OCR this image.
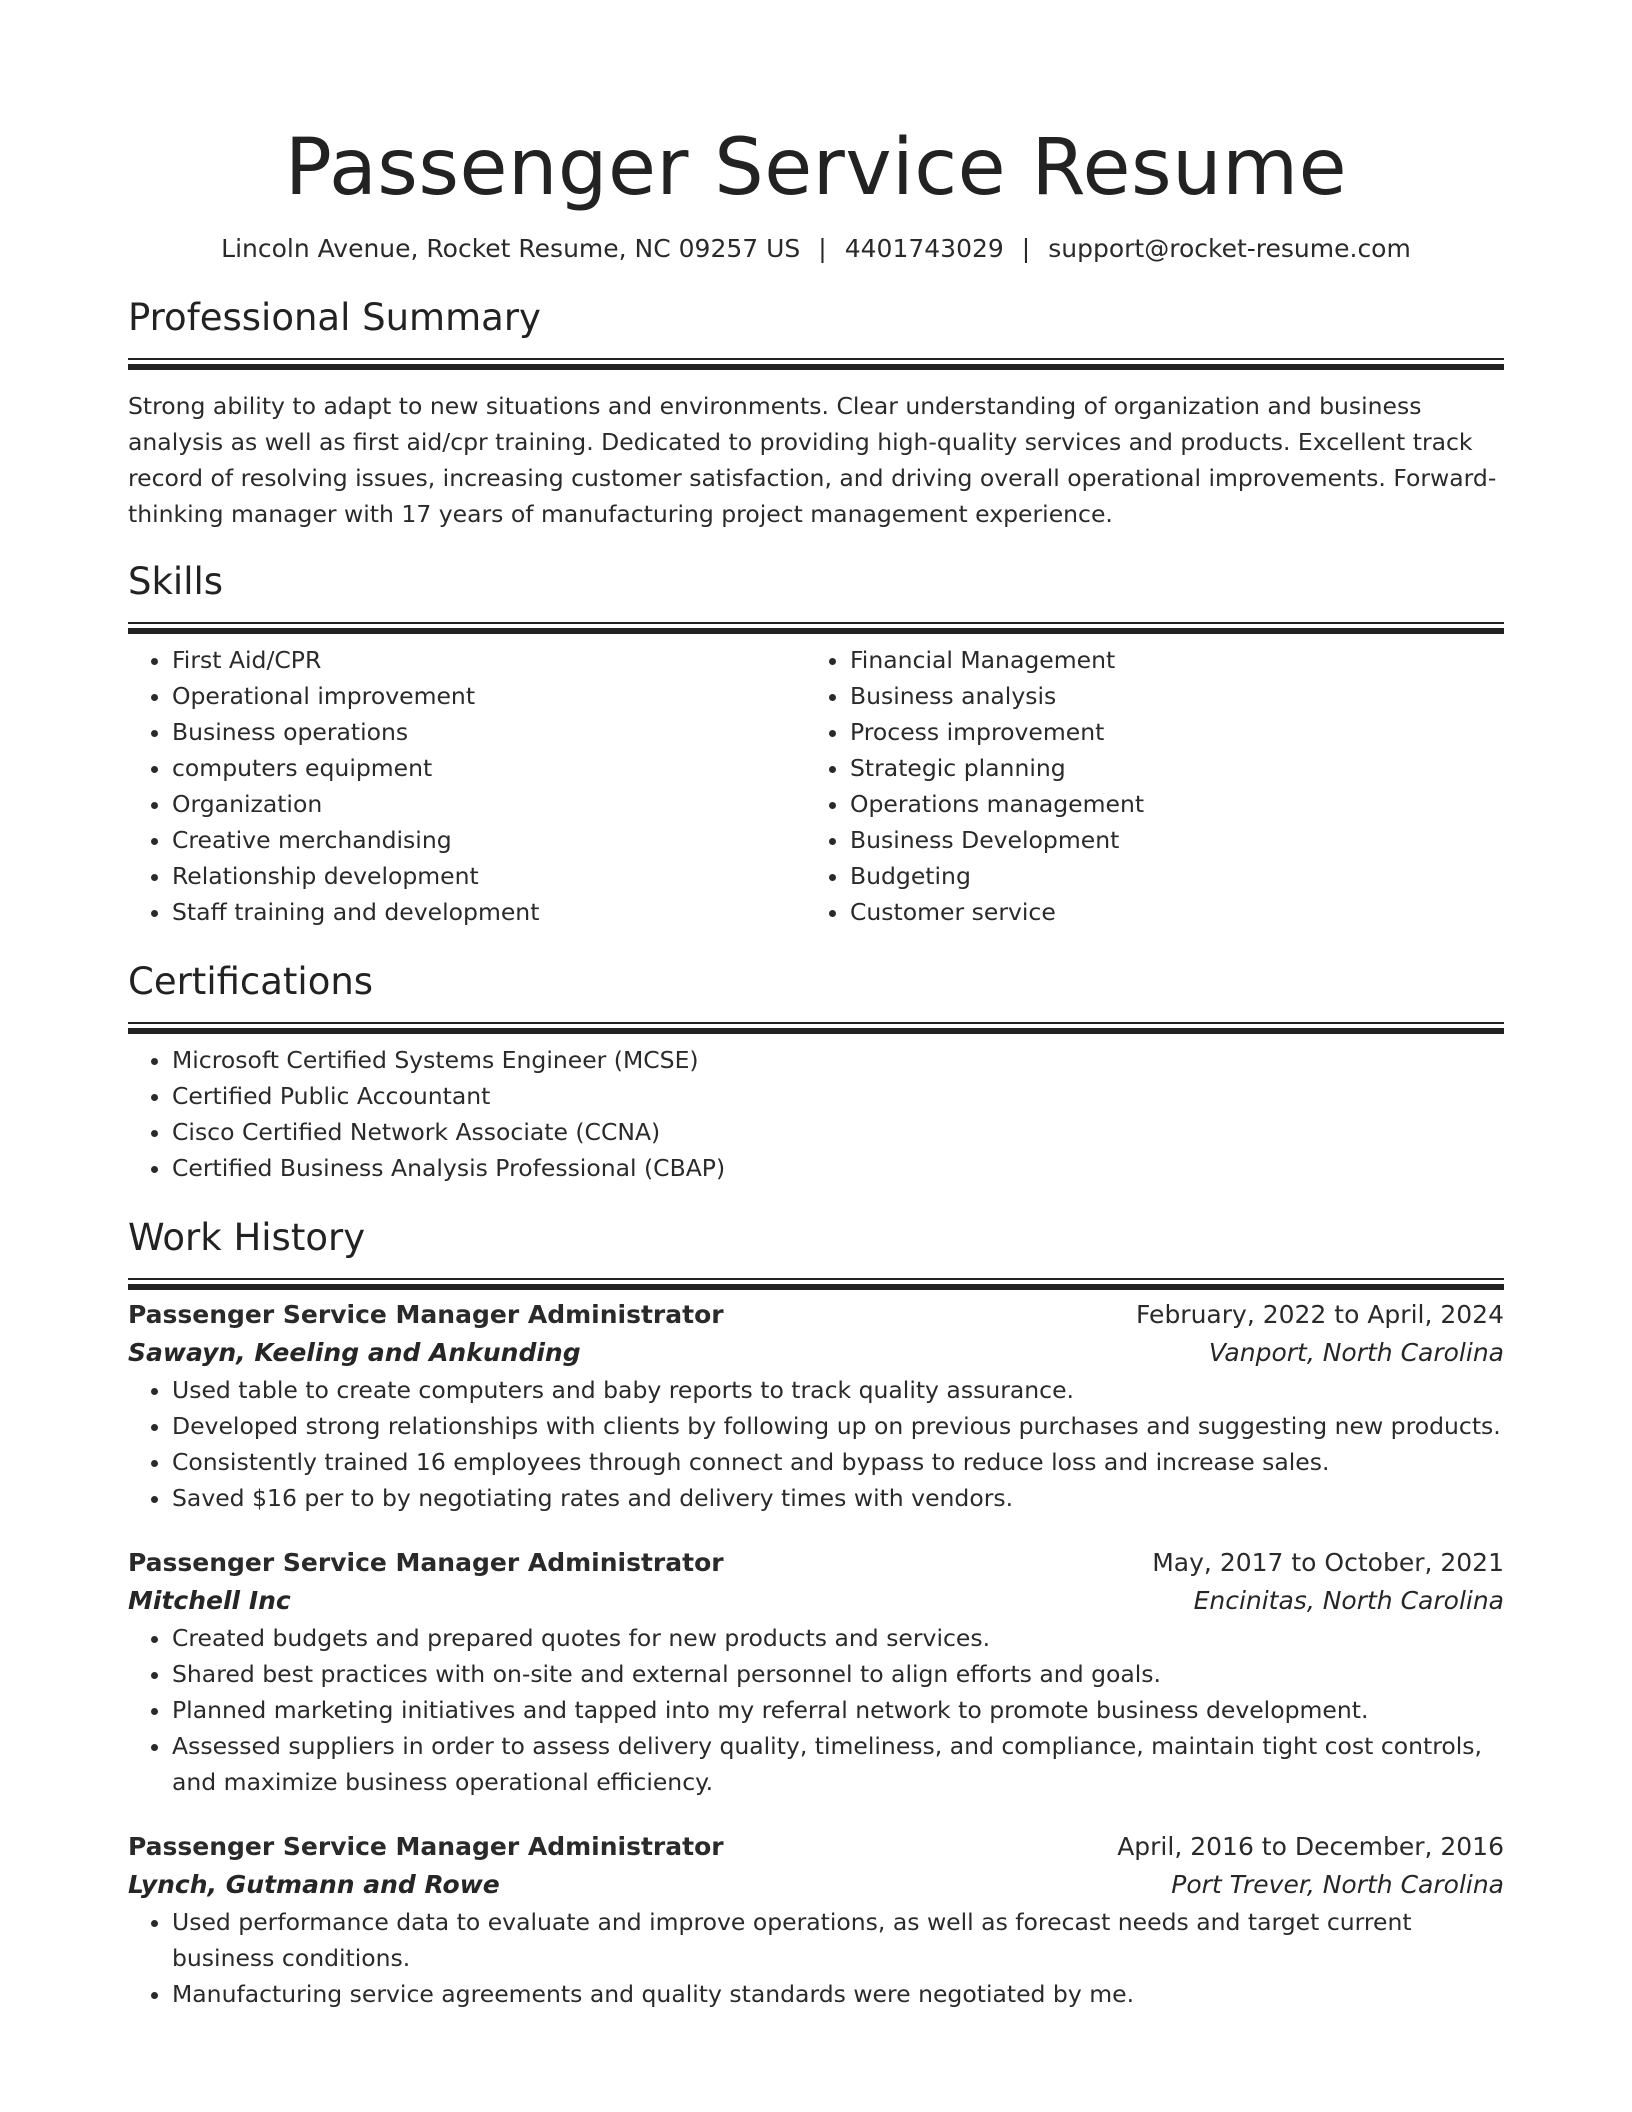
Passenger Service Resume
Lincoln Avenue, Rocket Resume, NC 09257 US | 4401743029 | support@rocket-resume.com
Professional Summary

Strong ability to adapt to new situations and environments. Clear understanding of organization and business analysis as well as first aid/cpr training. Dedicated to providing high-quality services and products. Excellent track record of resolving issues, increasing customer satisfaction, and driving overall operational improvements. Forward-thinking manager with 17 years of manufacturing project management experience.

Skills
• First Aid/CPR
• Operational improvement
• Business operations
• computers equipment
• Organization
• Creative merchandising
• Relationship development
• Staff training and development
• Financial Management
• Business analysis
• Process improvement
• Strategic planning
• Operations management
• Business Development
• Budgeting
• Customer service
Certifications
• Microsoft Certified Systems Engineer (MCSE)
• Certified Public Accountant
• Cisco Certified Network Associate (CCNA)
• Certified Business Analysis Professional (CBAP)
Work History
Passenger Service Manager Administrator	February, 2022 to April, 2024
Sawayn, Keeling and Ankunding	Vanport, North Carolina
• Used table to create computers and baby reports to track quality assurance.
• Developed strong relationships with clients by following up on previous purchases and suggesting new products.
• Consistently trained 16 employees through connect and bypass to reduce loss and increase sales.
• Saved $16 per to by negotiating rates and delivery times with vendors.
Passenger Service Manager Administrator	May, 2017 to October, 2021
Mitchell Inc	Encinitas, North Carolina
• Created budgets and prepared quotes for new products and services.
• Shared best practices with on-site and external personnel to align efforts and goals.
• Planned marketing initiatives and tapped into my referral network to promote business development.
• Assessed suppliers in order to assess delivery quality, timeliness, and compliance, maintain tight cost controls, and maximize business operational efficiency.
Passenger Service Manager Administrator	April, 2016 to December, 2016
Lynch, Gutmann and Rowe	Port Trever, North Carolina
• Used performance data to evaluate and improve operations, as well as forecast needs and target current business conditions.
• Manufacturing service agreements and quality standards were negotiated by me.
